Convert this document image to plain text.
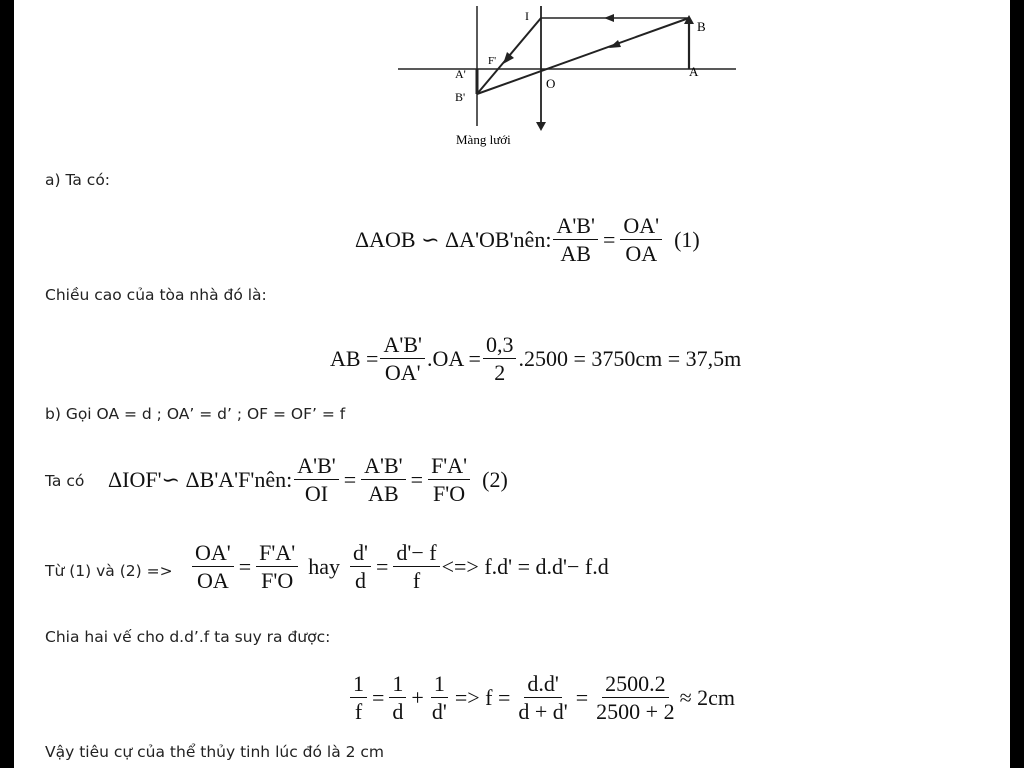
I
B
A
F'
O
A'
B'
Màng lưới
a) Ta có:
ΔAOB ∽ ΔA'OB'nên: $\frac{A'B'}{AB} = \frac{OA'}{OA} (1)$
Chiều cao của tòa nhà đó là:
AB = $\frac{A'B'}{OA'} .OA = \frac{0,3}{2} .2500 = 3750cm = 37,5m$
b) Gọi OA = d ; OA’ = d’ ; OF = OF’ = f
Ta có ΔIOF'∽ ΔB'A'F'nên: $\frac{A'B'}{OI} = \frac{A'B'}{AB} = \frac{F'A'}{F'O} (2)$
Từ (1) và $(2) => \frac{OA'}{OA} = \frac{F'A'}{F'O}$ hay $\frac{d'}{d} = \frac{d'- f}{f}$ <=> f.d' = d.d'− f.d
Chia hai vế cho d.d’.f ta suy ra được:
$\frac{1}{f} = \frac{1}{d} + \frac{1}{d'} => f = \frac{d.d'}{d + d'} = \frac{2500.2}{2500 + 2} \approx 2cm$
Vậy tiêu cự của thể thủy tinh lúc đó là 2 cm
